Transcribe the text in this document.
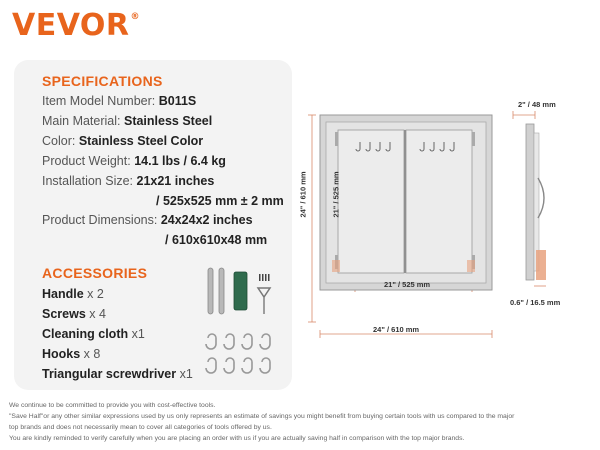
VEVOR®
SPECIFICATIONS
Item Model Number: B011S
Main Material: Stainless Steel
Color: Stainless Steel Color
Product Weight: 14.1 lbs / 6.4 kg
Installation Size: 21x21 inches
/ 525x525 mm ± 2 mm
Product Dimensions: 24x24x2 inches
/ 610x610x48 mm
ACCESSORIES
Handle x 2
Screws x 4
Cleaning cloth x1
Hooks x 8
Triangular screwdriver x1
24" / 610 mm	21" / 525 mm
21" / 525 mm
24" / 610 mm
2" / 48 mm
0.6" / 16.5 mm
We continue to be committed to provide you with cost-effective tools.
"Save Half"or any other similar expressions used by us only represents an estimate of savings you might benefit from buying certain tools with us compared to the major
top brands and does not necessarily mean to cover all categories of tools offered by us.
You are kindly reminded to verify carefully when you are placing an order with us if you are actually saving half in comparison with the top major brands.
